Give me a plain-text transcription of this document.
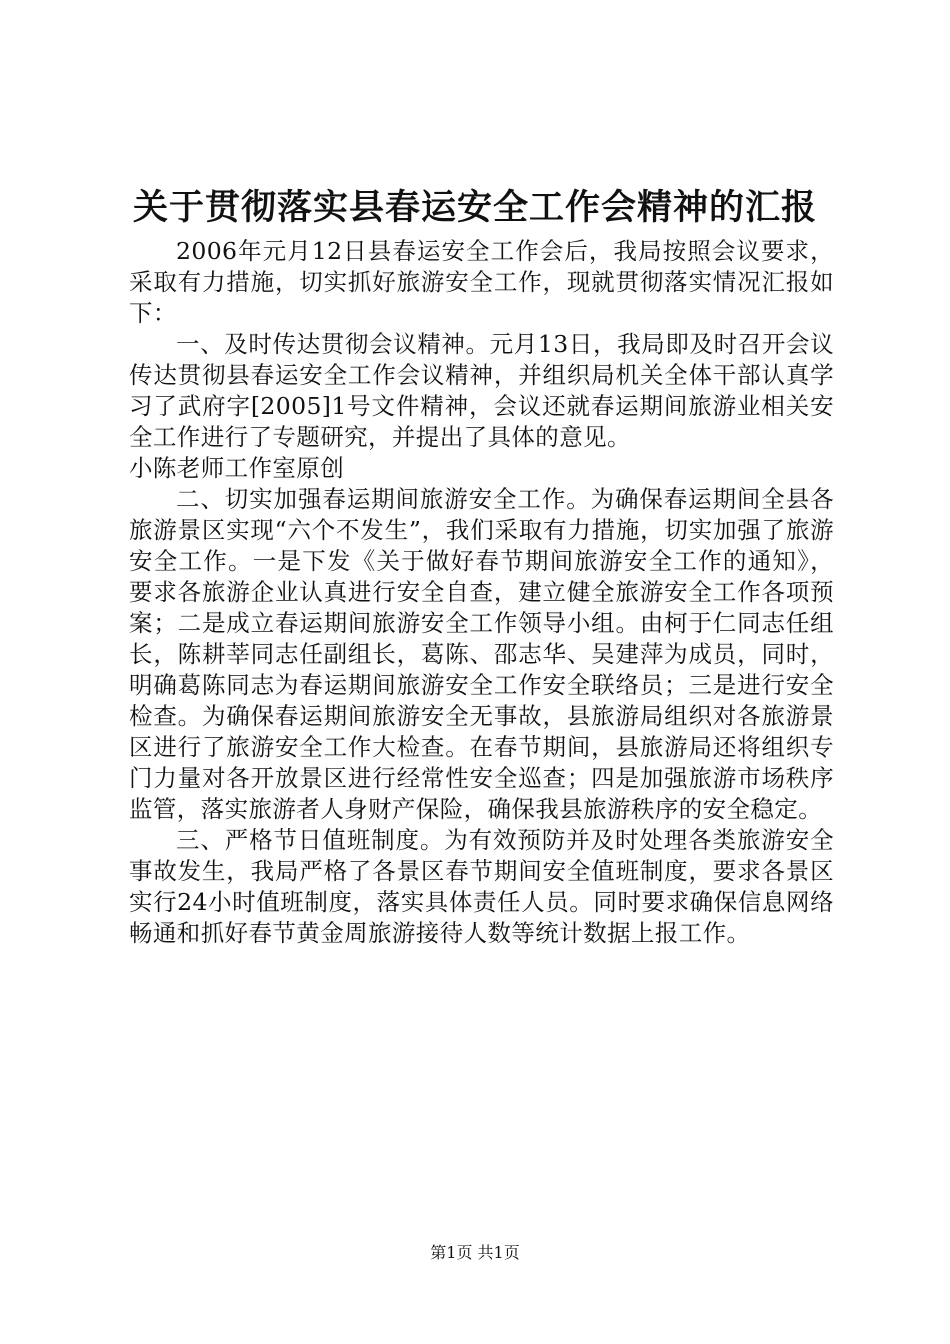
关于贯彻落实县春运安全工作会精神的汇报

2006年元月12日县春运安全工作会后，我局按照会议要求，采取有力措施，切实抓好旅游安全工作，现就贯彻落实情况汇报如下：

一、及时传达贯彻会议精神。元月13日，我局即及时召开会议传达贯彻县春运安全工作会议精神，并组织局机关全体干部认真学习了武府字[2005]1号文件精神，会议还就春运期间旅游业相关安全工作进行了专题研究，并提出了具体的意见。

小陈老师工作室原创

二、切实加强春运期间旅游安全工作。为确保春运期间全县各旅游景区实现“六个不发生”，我们采取有力措施，切实加强了旅游安全工作。一是下发《关于做好春节期间旅游安全工作的通知》，要求各旅游企业认真进行安全自查，建立健全旅游安全工作各项预案；二是成立春运期间旅游安全工作领导小组。由柯于仁同志任组长，陈耕莘同志任副组长，葛陈、邵志华、吴建萍为成员，同时，明确葛陈同志为春运期间旅游安全工作安全联络员；三是进行安全检查。为确保春运期间旅游安全无事故，县旅游局组织对各旅游景区进行了旅游安全工作大检查。在春节期间，县旅游局还将组织专门力量对各开放景区进行经常性安全巡查；四是加强旅游市场秩序监管，落实旅游者人身财产保险，确保我县旅游秩序的安全稳定。

三、严格节日值班制度。为有效预防并及时处理各类旅游安全事故发生，我局严格了各景区春节期间安全值班制度，要求各景区实行24小时值班制度，落实具体责任人员。同时要求确保信息网络畅通和抓好春节黄金周旅游接待人数等统计数据上报工作。

第1页 共1页
